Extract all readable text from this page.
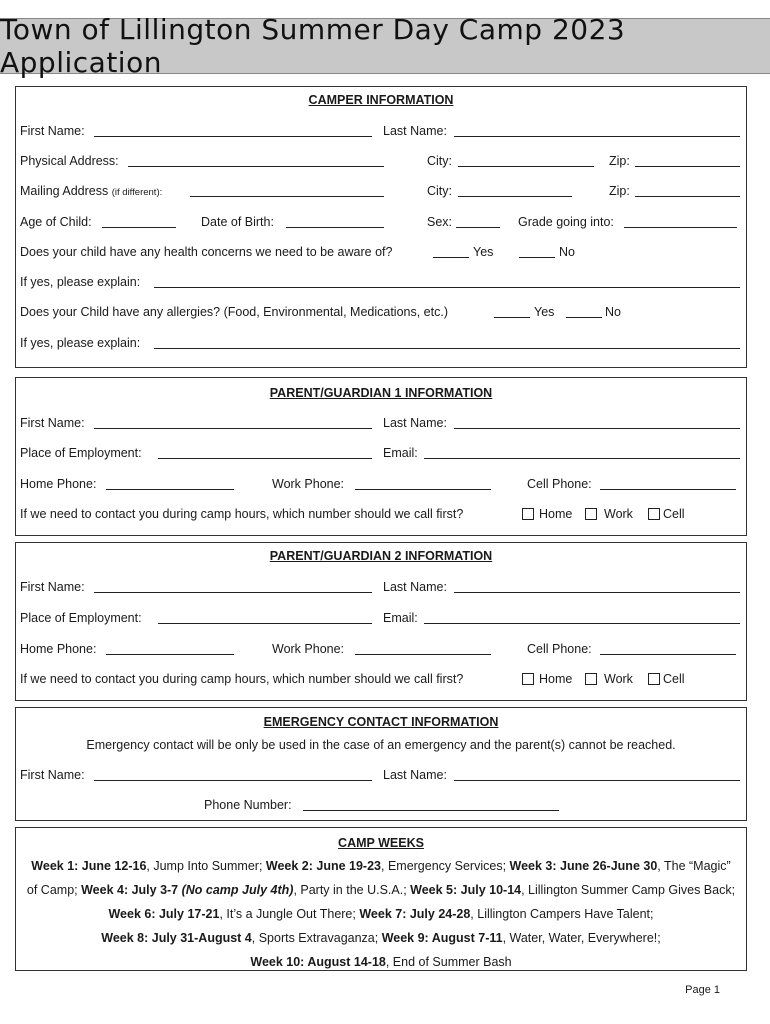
Town of Lillington Summer Day Camp 2023 Application
CAMPER INFORMATION
First Name:	Last Name:
Physical Address:	City:	Zip:
Mailing Address (if different):	City:	Zip:
Age of Child:	Date of Birth:	Sex:	Grade going into:
Does your child have any health concerns we need to be aware of?	Yes	No
If yes, please explain:
Does your Child have any allergies? (Food, Environmental, Medications, etc.)	Yes	No
If yes, please explain:
PARENT/GUARDIAN 1 INFORMATION
First Name:	Last Name:
Place of Employment:	Email:
Home Phone:	Work Phone:	Cell Phone:
If we need to contact you during camp hours, which number should we call first?	Home	Work Cell
PARENT/GUARDIAN 2 INFORMATION
First Name:	Last Name:
Place of Employment:	Email:
Home Phone:	Work Phone:	Cell Phone:
If we need to contact you during camp hours, which number should we call first?	Home	Work Cell
EMERGENCY CONTACT INFORMATION
Emergency contact will be only be used in the case of an emergency and the parent(s) cannot be reached.
First Name:	Last Name:
Phone Number:
CAMP WEEKS
Week 1: June 12-16, Jump Into Summer; Week 2: June 19-23, Emergency Services; Week 3: June 26-June 30, The “Magic” of Camp; Week 4: July 3-7 (No camp July 4th), Party in the U.S.A.; Week 5: July 10-14, Lillington Summer Camp Gives Back; Week 6: July 17-21, It’s a Jungle Out There; Week 7: July 24-28, Lillington Campers Have Talent;
Week 8: July 31-August 4, Sports Extravaganza; Week 9: August 7-11, Water, Water, Everywhere!;
Week 10: August 14-18, End of Summer Bash
Page 1
